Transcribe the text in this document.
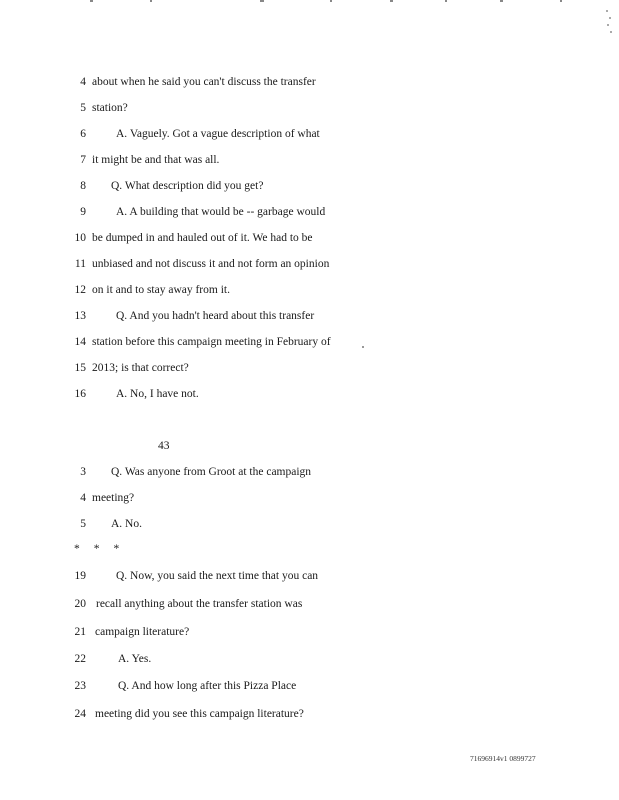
4 about when he said you can't discuss the transfer
5 station?
6	A. Vaguely. Got a vague description of what
7 it might be and that was all.
8 Q. What description did you get?
9	A. A building that would be -- garbage would
10 be dumped in and hauled out of it. We had to be
11 unbiased and not discuss it and not form an opinion
12 on it and to stay away from it.
13	Q. And you hadn't heard about this transfer
14 station before this campaign meeting in February of
15 2013; is that correct?
16	A. No, I have not.
43
3 Q. Was anyone from Groot at the campaign
4 meeting?
5 A. No.
* * *
19	Q. Now, you said the next time that you can
20 recall anything about the transfer station was
21 campaign literature?
22	A. Yes.
23	Q. And how long after this Pizza Place
24 meeting did you see this campaign literature?
71696914v1 0899727
